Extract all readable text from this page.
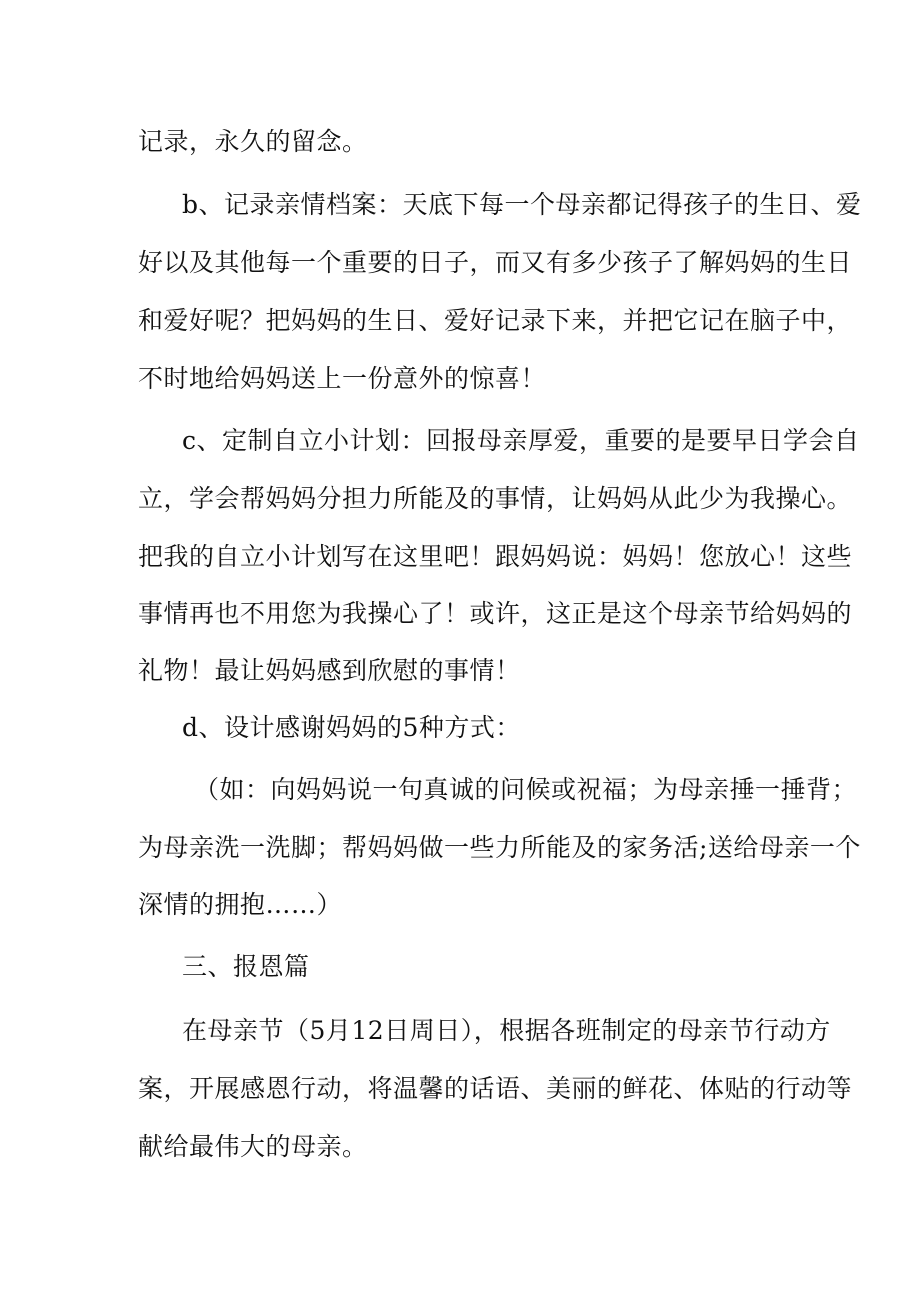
记录，永久的留念。

b、记录亲情档案：天底下每一个母亲都记得孩子的生日、爱

好以及其他每一个重要的日子，而又有多少孩子了解妈妈的生日

和爱好呢？把妈妈的生日、爱好记录下来，并把它记在脑子中，

不时地给妈妈送上一份意外的惊喜！

c、定制自立小计划：回报母亲厚爱，重要的是要早日学会自

立，学会帮妈妈分担力所能及的事情，让妈妈从此少为我操心。

把我的自立小计划写在这里吧！跟妈妈说：妈妈！您放心！这些

事情再也不用您为我操心了！或许，这正是这个母亲节给妈妈的

礼物！最让妈妈感到欣慰的事情！

d、设计感谢妈妈的5种方式：

（如：向妈妈说一句真诚的问候或祝福；为母亲捶一捶背；

为母亲洗一洗脚；帮妈妈做一些力所能及的家务活;送给母亲一个

深情的拥抱……）

三、报恩篇

在母亲节（5月12日周日），根据各班制定的母亲节行动方

案，开展感恩行动，将温馨的话语、美丽的鲜花、体贴的行动等

献给最伟大的母亲。
